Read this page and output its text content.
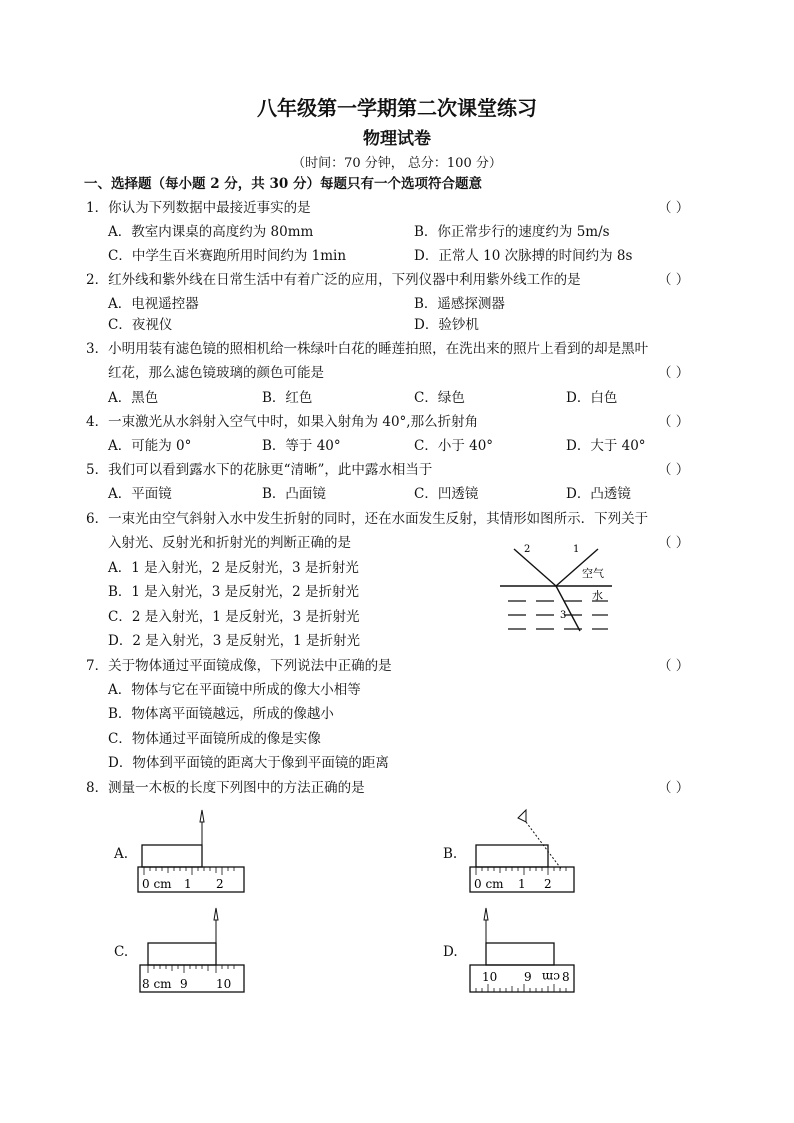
八年级第一学期第二次课堂练习
物理试卷
（时间：70 分钟， 总分：100 分）
一、选择题（每小题 2 分，共 30 分）每题只有一个选项符合题意
1．你认为下列数据中最接近事实的是	（ ）
A．教室内课桌的高度约为 80mm	B．你正常步行的速度约为 5m/s
C．中学生百米赛跑所用时间约为 1min	D．正常人 10 次脉搏的时间约为 8s
2．红外线和紫外线在日常生活中有着广泛的应用，下列仪器中利用紫外线工作的是	（ ）
A．电视遥控器	B．遥感探测器
C．夜视仪	D．验钞机
3．小明用装有滤色镜的照相机给一株绿叶白花的睡莲拍照，在洗出来的照片上看到的却是黑叶
红花，那么滤色镜玻璃的颜色可能是	（ ）
A．黑色	B．红色	C．绿色	D．白色
4．一束激光从水斜射入空气中时，如果入射角为 40°,那么折射角	（ ）
A．可能为 0°	B．等于 40°	C．小于 40°	D．大于 40°
5．我们可以看到露水下的花脉更“清晰”，此中露水相当于	（ ）
A．平面镜	B．凸面镜	C．凹透镜	D．凸透镜
6．一束光由空气斜射入水中发生折射的同时，还在水面发生反射，其情形如图所示．下列关于
入射光、反射光和折射光的判断正确的是	（ ）
A．1 是入射光，2 是反射光，3 是折射光
B．1 是入射光，3 是反射光，2 是折射光
C．2 是入射光，1 是反射光，3 是折射光
D．2 是入射光，3 是反射光，1 是折射光
2	1
3
空气
水
7．关于物体通过平面镜成像，下列说法中正确的是	（ ）
A．物体与它在平面镜中所成的像大小相等
B．物体离平面镜越远，所成的像越小
C．物体通过平面镜所成的像是实像
D．物体到平面镜的距离大于像到平面镜的距离
8．测量一木板的长度下列图中的方法正确的是	（ ）
A.
0 cm 1 2
B.
0 cm 1 2
C.
8 cm 9 10
D.
10 9 cm 8
